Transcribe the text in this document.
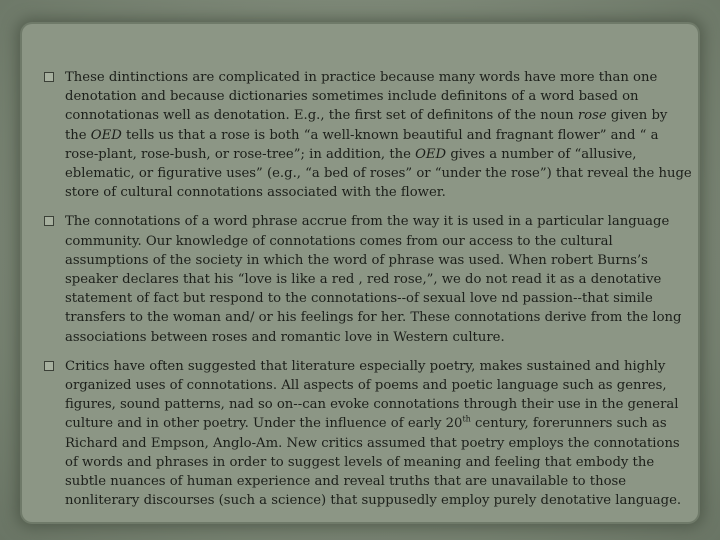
These dintinctions are complicated in practice because many words have more than one denotation and because dictionaries sometimes include definitons of a word based on connotationas well as denotation. E.g., the first set of definitons of the noun rose given by the OED tells us that a rose is both “a well-known beautiful and fragnant flower” and “ a rose-plant, rose-bush, or rose-tree”; in addition, the OED gives a number of “allusive, eblematic, or figurative uses” (e.g., “a bed of roses” or “under the rose”) that reveal the huge store of cultural connotations associated with the flower.
The connotations of a word phrase accrue from the way it is used in a particular language community. Our knowledge of connotations comes from our access to the cultural assumptions of the society in which the word of phrase was used. When robert Burns’s speaker declares that his “love is like a red , red rose,”, we do not read it as a denotative statement of fact but respond to the connotations--of sexual love nd passion--that simile transfers to the woman and/ or his feelings for her. These connotations derive from the long associations between roses and romantic love in Western culture.
Critics have often suggested that literature especially poetry, makes sustained and highly organized uses of connotations. All aspects of poems and poetic language such as genres, figures, sound patterns, nad so on--can evoke connotations through their use in the general culture and in other poetry. Under the influence of early 20th century, forerunners such as Richard and Empson, Anglo-Am. New critics assumed that poetry employs the connotations of words and phrases in order to suggest levels of meaning and feeling that embody the subtle nuances of human experience and reveal truths that are unavailable to those nonliterary discourses (such a science) that suppusedly employ purely denotative language.
